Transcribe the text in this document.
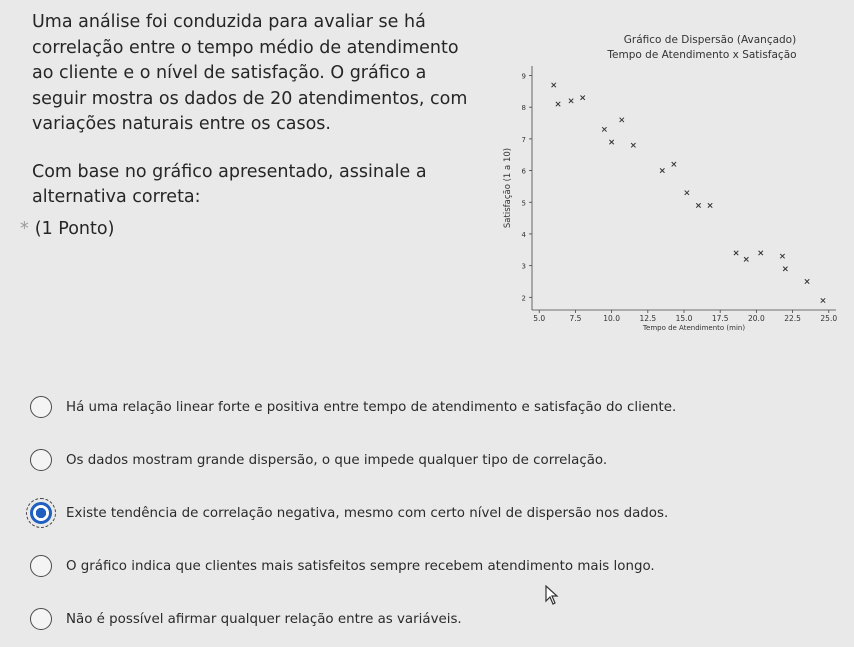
Uma análise foi conduzida para avaliar se há correlação entre o tempo médio de atendimento ao cliente e o nível de satisfação. O gráfico a seguir mostra os dados de 20 atendimentos, com variações naturais entre os casos.

Com base no gráfico apresentado, assinale a alternativa correta:

* (1 Ponto)
Gráfico de Dispersão (Avançado)
Tempo de Atendimento x Satisfação
2
3
4
5
6
7
8
9
5.0	7.5	10.0	12.5	15.0	17.5	20.0	22.5	25.0
Satisfação (1 a 10)
Tempo de Atendimento (min)
Há uma relação linear forte e positiva entre tempo de atendimento e satisfação do cliente.
Os dados mostram grande dispersão, o que impede qualquer tipo de correlação.
Existe tendência de correlação negativa, mesmo com certo nível de dispersão nos dados.
O gráfico indica que clientes mais satisfeitos sempre recebem atendimento mais longo.
Não é possível afirmar qualquer relação entre as variáveis.
